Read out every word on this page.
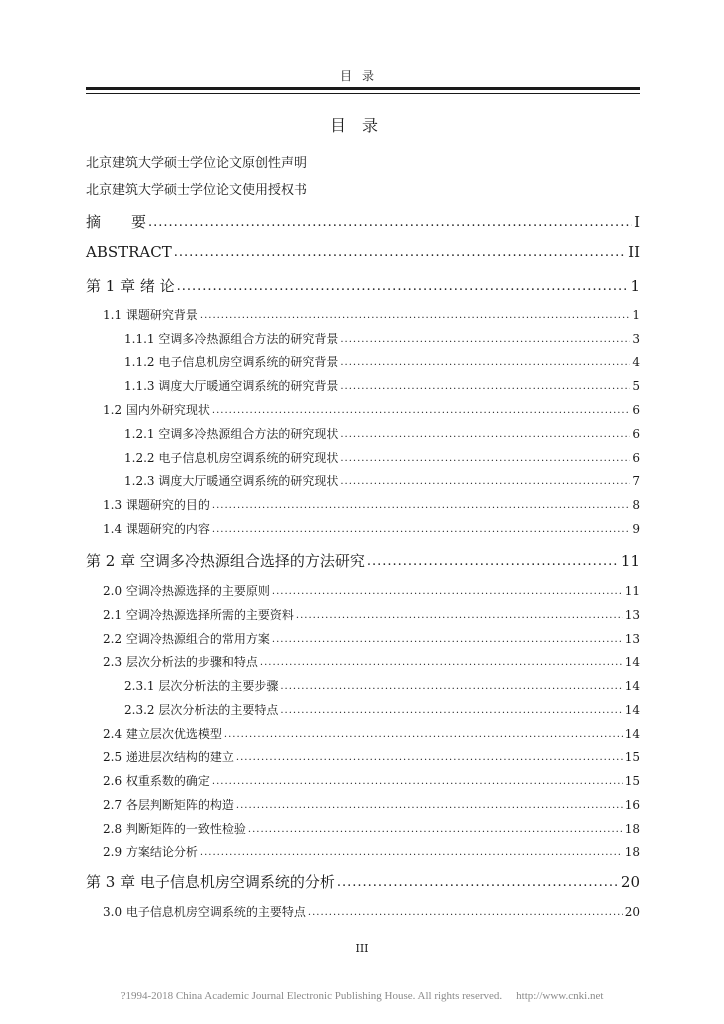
目录
目录
北京建筑大学硕士学位论文原创性声明
北京建筑大学硕士学位论文使用授权书
摘　　要 .....	I
ABSTRACT .....	II
第 1 章 绪 论 .....	1
1.1 课题研究背景 .....	1
1.1.1 空调多冷热源组合方法的研究背景 .....	3
1.1.2 电子信息机房空调系统的研究背景 .....	4
1.1.3 调度大厅暖通空调系统的研究背景 .....	5
1.2 国内外研究现状 .....	6
1.2.1 空调多冷热源组合方法的研究现状 .....	6
1.2.2 电子信息机房空调系统的研究现状 .....	6
1.2.3 调度大厅暖通空调系统的研究现状 .....	7
1.3 课题研究的目的 .....	8
1.4 课题研究的内容 .....	9
第 2 章 空调多冷热源组合选择的方法研究 .....	11
2.0 空调冷热源选择的主要原则 .....	11
2.1 空调冷热源选择所需的主要资料 .....	13
2.2 空调冷热源组合的常用方案 .....	13
2.3 层次分析法的步骤和特点 .....	14
2.3.1 层次分析法的主要步骤 .....	14
2.3.2 层次分析法的主要特点 .....	14
2.4 建立层次优选模型 .....	14
2.5 递进层次结构的建立 .....	15
2.6 权重系数的确定 .....	15
2.7 各层判断矩阵的构造 .....	16
2.8 判断矩阵的一致性检验 .....	18
2.9 方案结论分析 .....	18
第 3 章 电子信息机房空调系统的分析 .....	20
3.0 电子信息机房空调系统的主要特点 .....	20
III
?1994-2018 China Academic Journal Electronic Publishing House. All rights reserved. http://www.cnki.net
